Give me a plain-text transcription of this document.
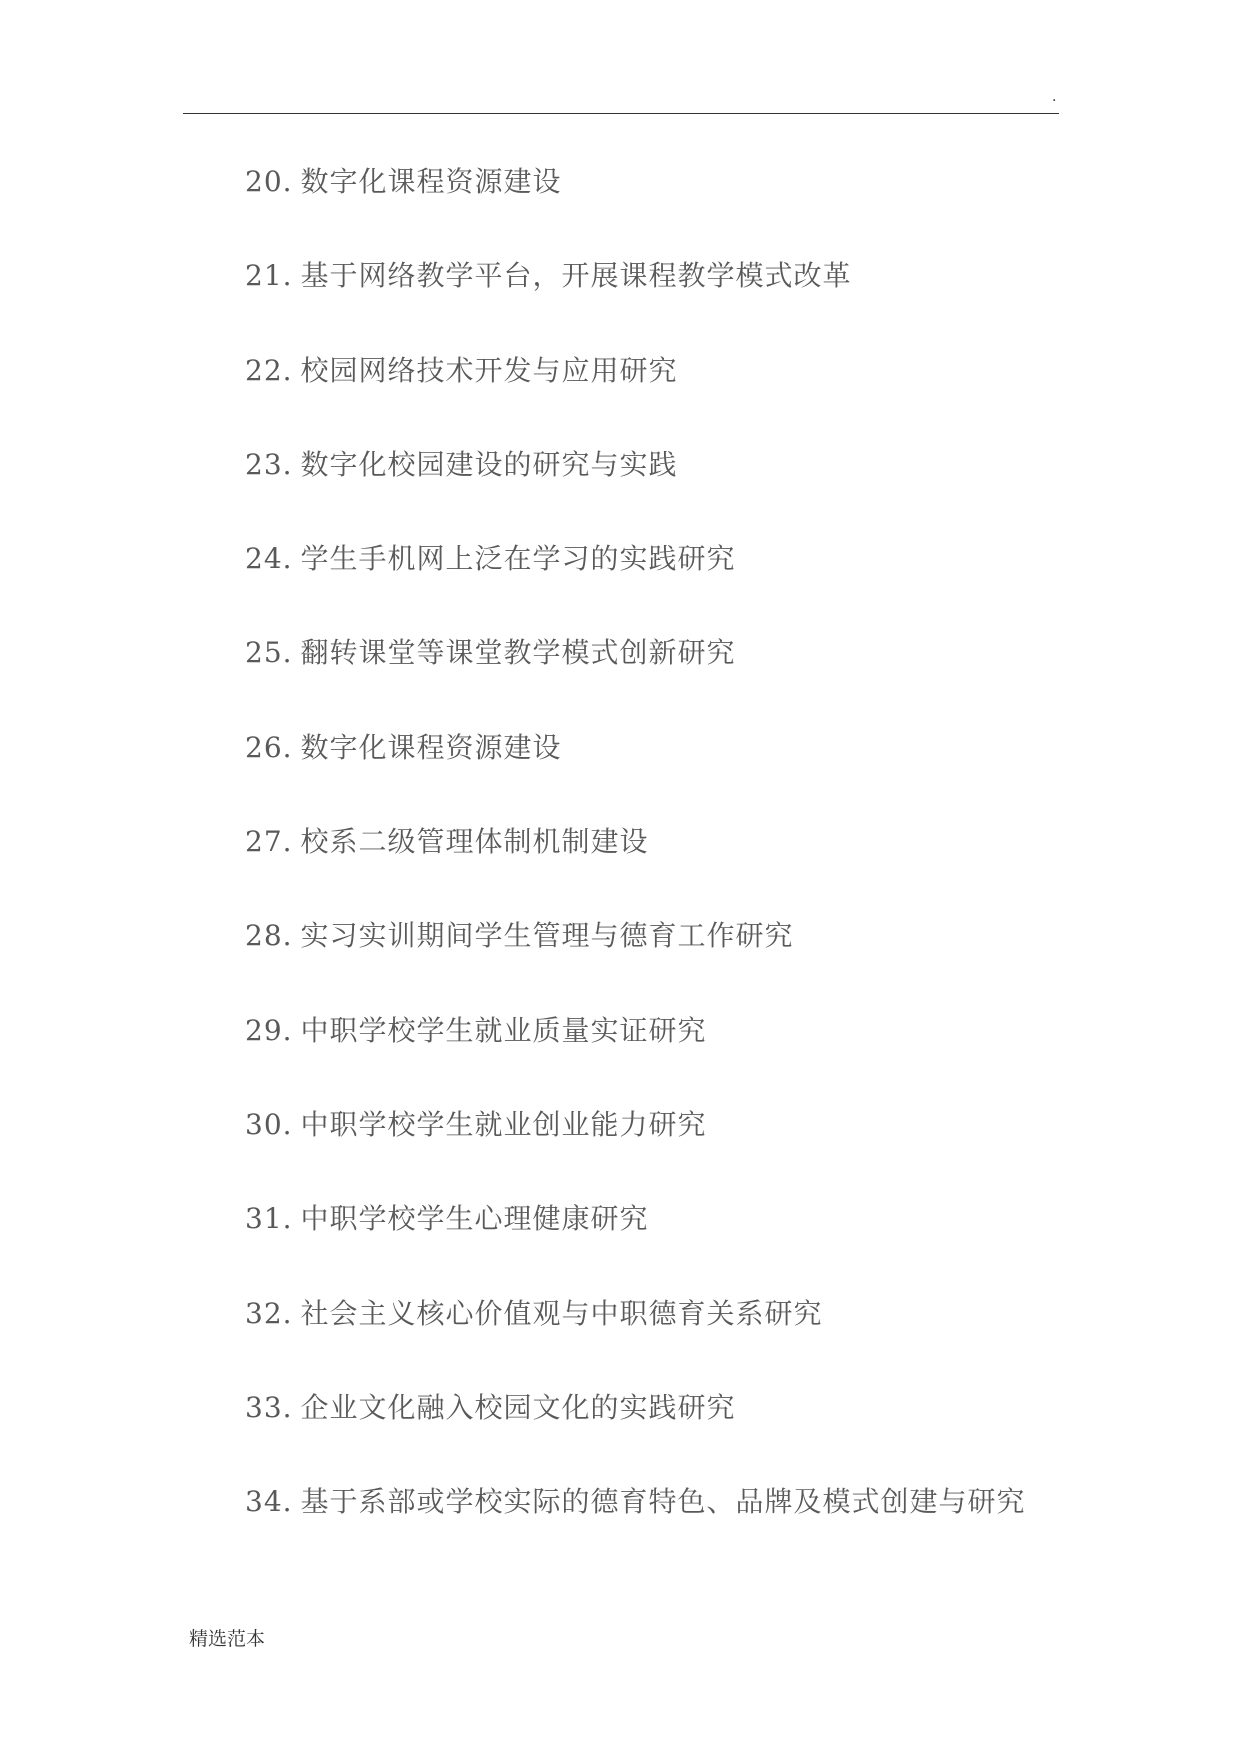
.
20. 数字化课程资源建设
21. 基于网络教学平台，开展课程教学模式改革
22. 校园网络技术开发与应用研究
23. 数字化校园建设的研究与实践
24. 学生手机网上泛在学习的实践研究
25. 翻转课堂等课堂教学模式创新研究
26. 数字化课程资源建设
27. 校系二级管理体制机制建设
28. 实习实训期间学生管理与德育工作研究
29. 中职学校学生就业质量实证研究
30. 中职学校学生就业创业能力研究
31. 中职学校学生心理健康研究
32. 社会主义核心价值观与中职德育关系研究
33. 企业文化融入校园文化的实践研究
34. 基于系部或学校实际的德育特色、品牌及模式创建与研究
精选范本
